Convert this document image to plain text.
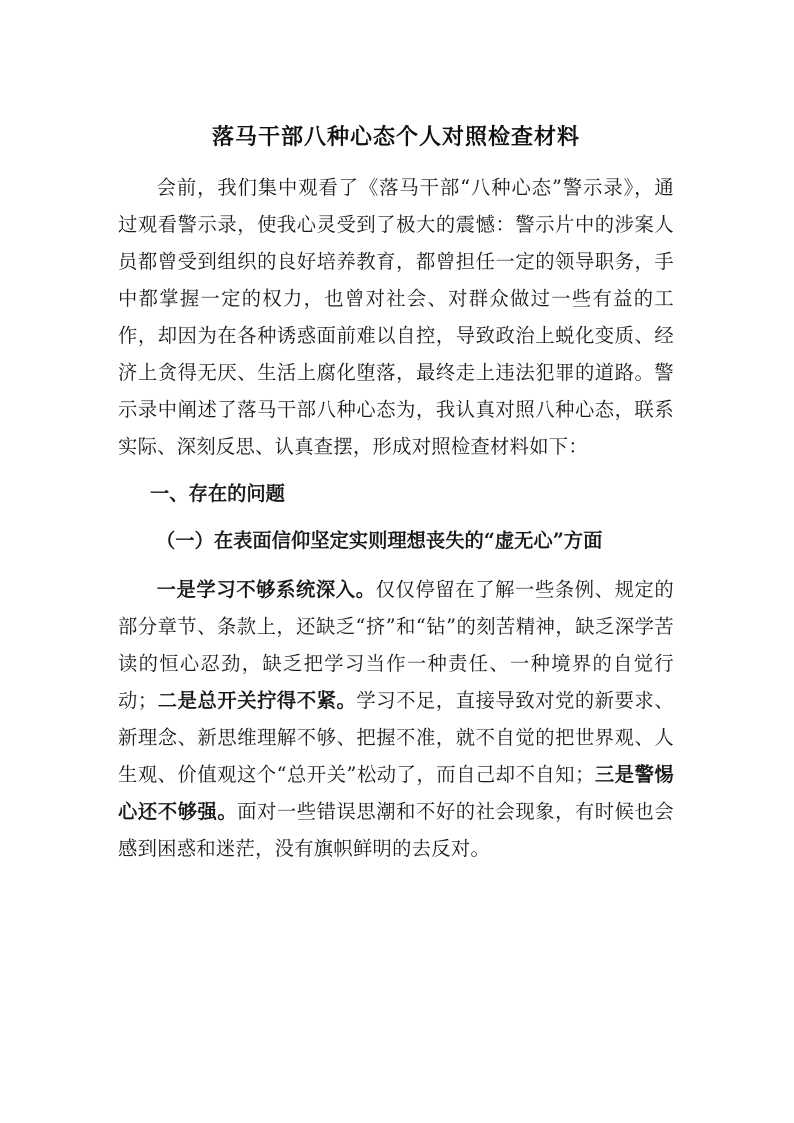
落马干部八种心态个人对照检查材料

会前，我们集中观看了《落马干部“八种心态”警示录》，通过观看警示录，使我心灵受到了极大的震憾：警示片中的涉案人员都曾受到组织的良好培养教育，都曾担任一定的领导职务，手中都掌握一定的权力，也曾对社会、对群众做过一些有益的工作，却因为在各种诱惑面前难以自控，导致政治上蜕化变质、经济上贪得无厌、生活上腐化堕落，最终走上违法犯罪的道路。警示录中阐述了落马干部八种心态为，我认真对照八种心态，联系实际、深刻反思、认真查摆，形成对照检查材料如下：

一、存在的问题
（一）在表面信仰坚定实则理想丧失的“虚无心”方面

一是学习不够系统深入。仅仅停留在了解一些条例、规定的部分章节、条款上，还缺乏“挤”和“钻”的刻苦精神，缺乏深学苦读的恒心忍劲，缺乏把学习当作一种责任、一种境界的自觉行动；二是总开关拧得不紧。学习不足，直接导致对党的新要求、新理念、新思维理解不够、把握不准，就不自觉的把世界观、人生观、价值观这个“总开关”松动了，而自己却不自知；三是警惕心还不够强。面对一些错误思潮和不好的社会现象，有时候也会感到困惑和迷茫，没有旗帜鲜明的去反对。
